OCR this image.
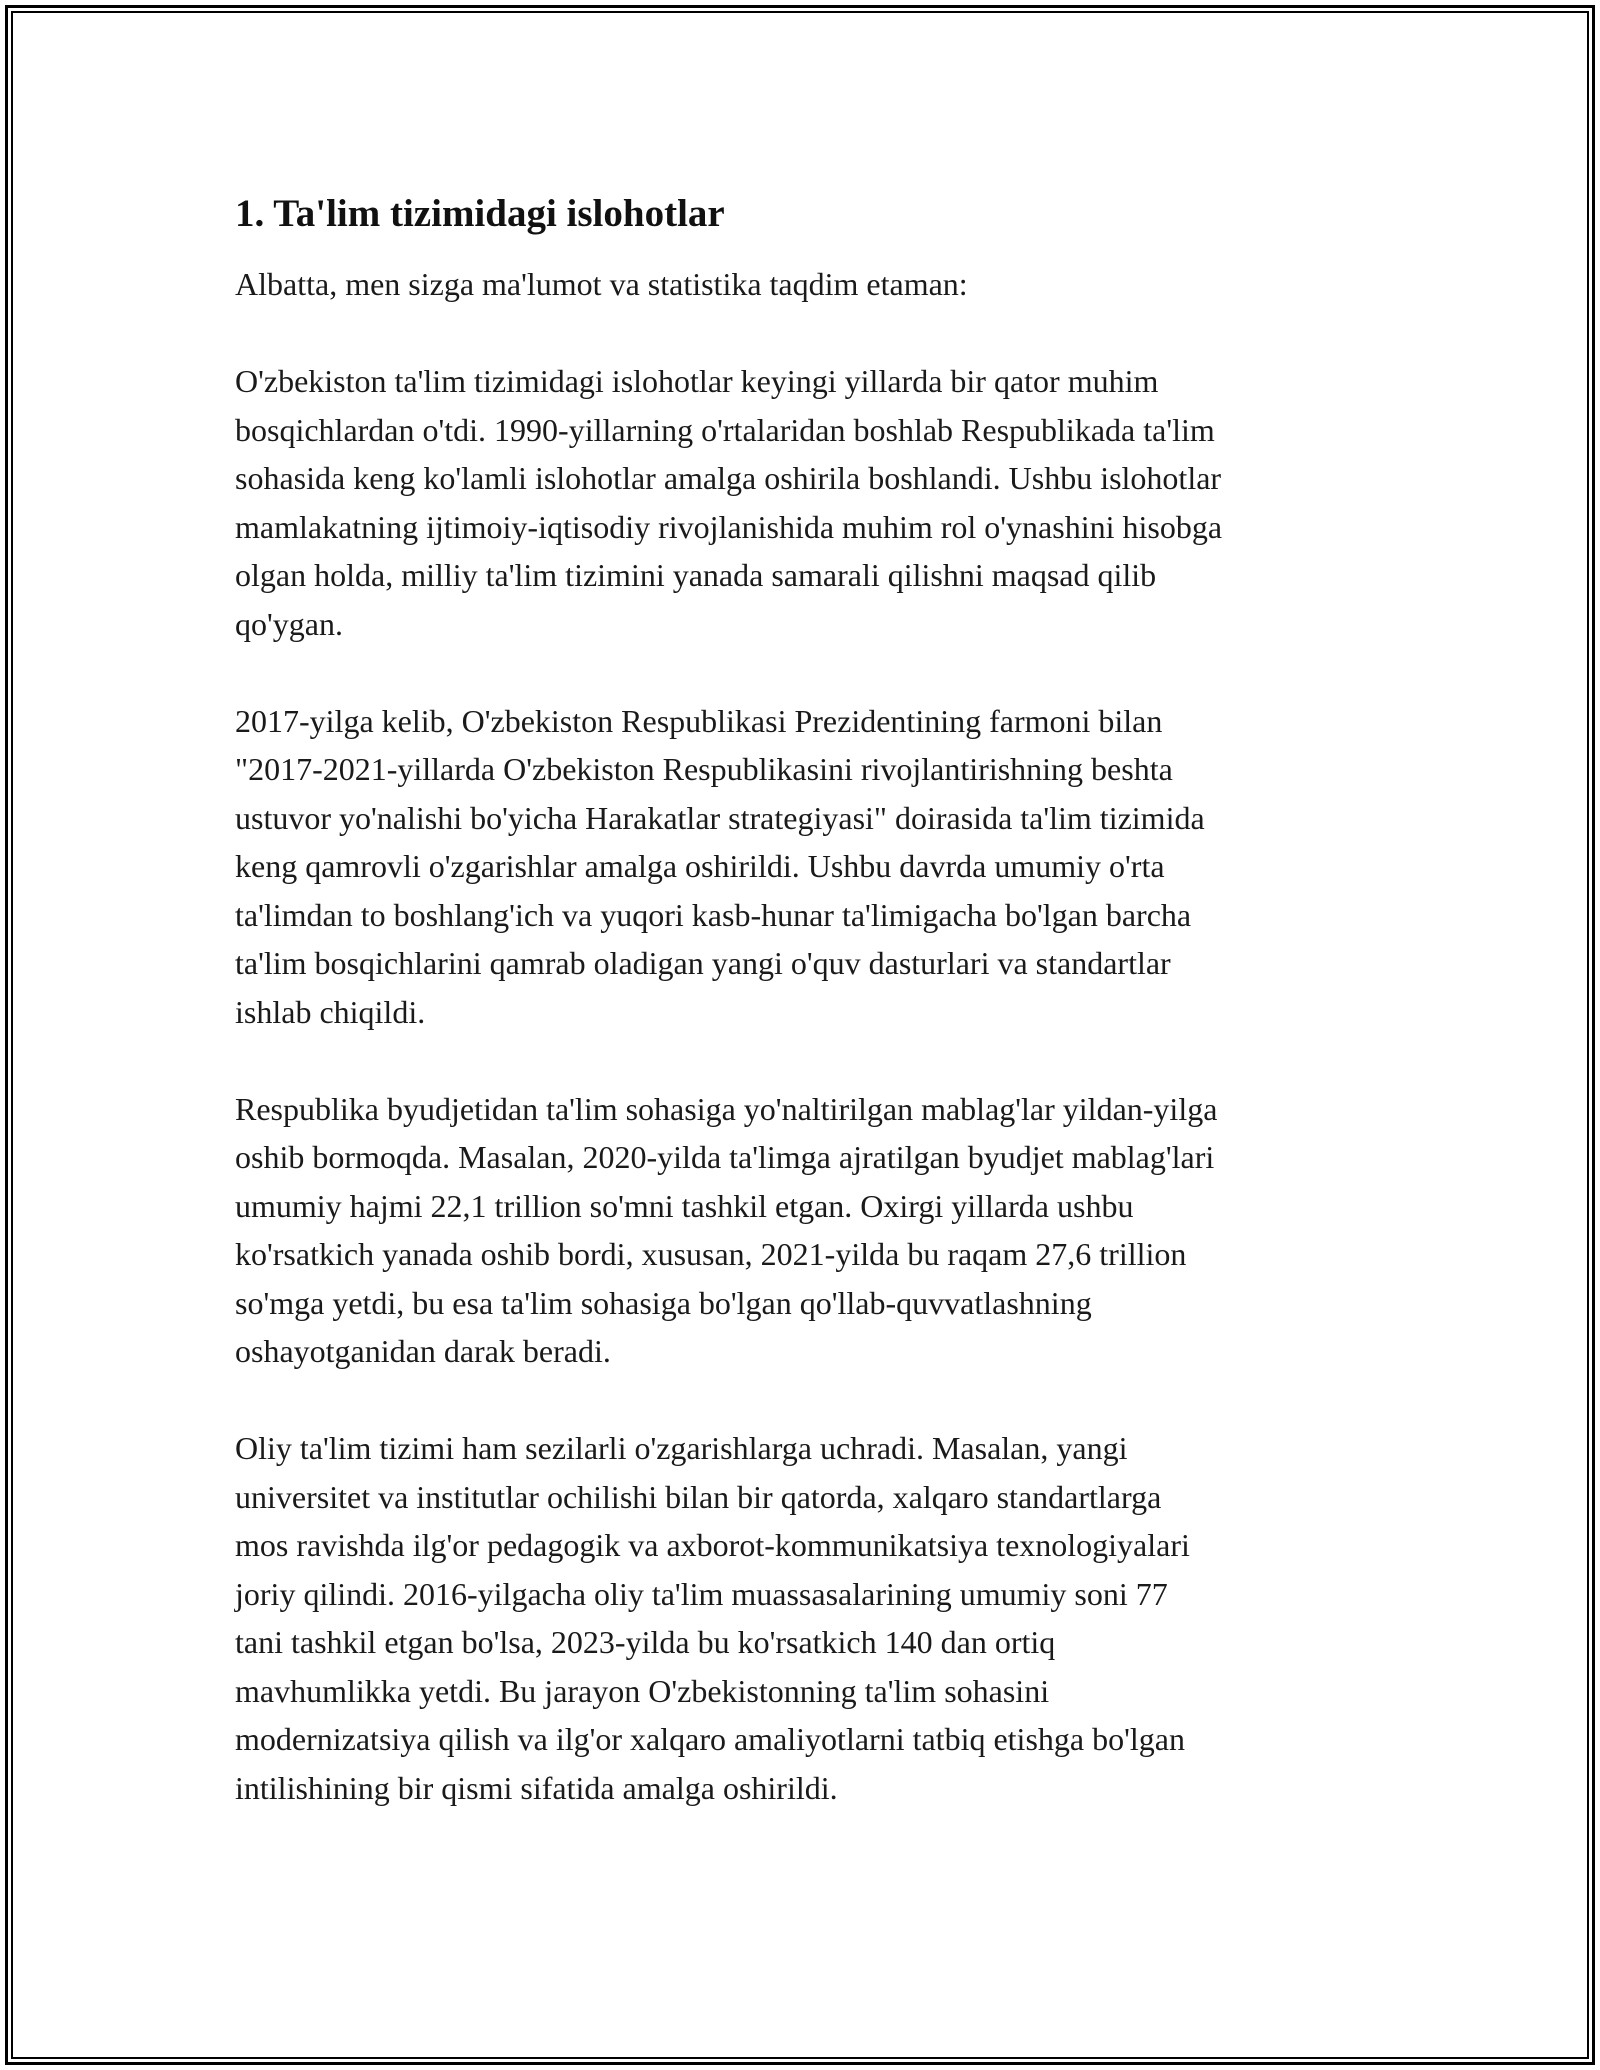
1. Ta'lim tizimidagi islohotlar

Albatta, men sizga ma'lumot va statistika taqdim etaman:

O'zbekiston ta'lim tizimidagi islohotlar keyingi yillarda bir qator muhim
bosqichlardan o'tdi. 1990-yillarning o'rtalaridan boshlab Respublikada ta'lim
sohasida keng ko'lamli islohotlar amalga oshirila boshlandi. Ushbu islohotlar
mamlakatning ijtimoiy-iqtisodiy rivojlanishida muhim rol o'ynashini hisobga
olgan holda, milliy ta'lim tizimini yanada samarali qilishni maqsad qilib
qo'ygan.

2017-yilga kelib, O'zbekiston Respublikasi Prezidentining farmoni bilan
"2017-2021-yillarda O'zbekiston Respublikasini rivojlantirishning beshta
ustuvor yo'nalishi bo'yicha Harakatlar strategiyasi" doirasida ta'lim tizimida
keng qamrovli o'zgarishlar amalga oshirildi. Ushbu davrda umumiy o'rta
ta'limdan to boshlang'ich va yuqori kasb-hunar ta'limigacha bo'lgan barcha
ta'lim bosqichlarini qamrab oladigan yangi o'quv dasturlari va standartlar
ishlab chiqildi.

Respublika byudjetidan ta'lim sohasiga yo'naltirilgan mablag'lar yildan-yilga
oshib bormoqda. Masalan, 2020-yilda ta'limga ajratilgan byudjet mablag'lari
umumiy hajmi 22,1 trillion so'mni tashkil etgan. Oxirgi yillarda ushbu
ko'rsatkich yanada oshib bordi, xususan, 2021-yilda bu raqam 27,6 trillion
so'mga yetdi, bu esa ta'lim sohasiga bo'lgan qo'llab-quvvatlashning
oshayotganidan darak beradi.

Oliy ta'lim tizimi ham sezilarli o'zgarishlarga uchradi. Masalan, yangi
universitet va institutlar ochilishi bilan bir qatorda, xalqaro standartlarga
mos ravishda ilg'or pedagogik va axborot-kommunikatsiya texnologiyalari
joriy qilindi. 2016-yilgacha oliy ta'lim muassasalarining umumiy soni 77
tani tashkil etgan bo'lsa, 2023-yilda bu ko'rsatkich 140 dan ortiq
mavhumlikka yetdi. Bu jarayon O'zbekistonning ta'lim sohasini
modernizatsiya qilish va ilg'or xalqaro amaliyotlarni tatbiq etishga bo'lgan
intilishining bir qismi sifatida amalga oshirildi.
